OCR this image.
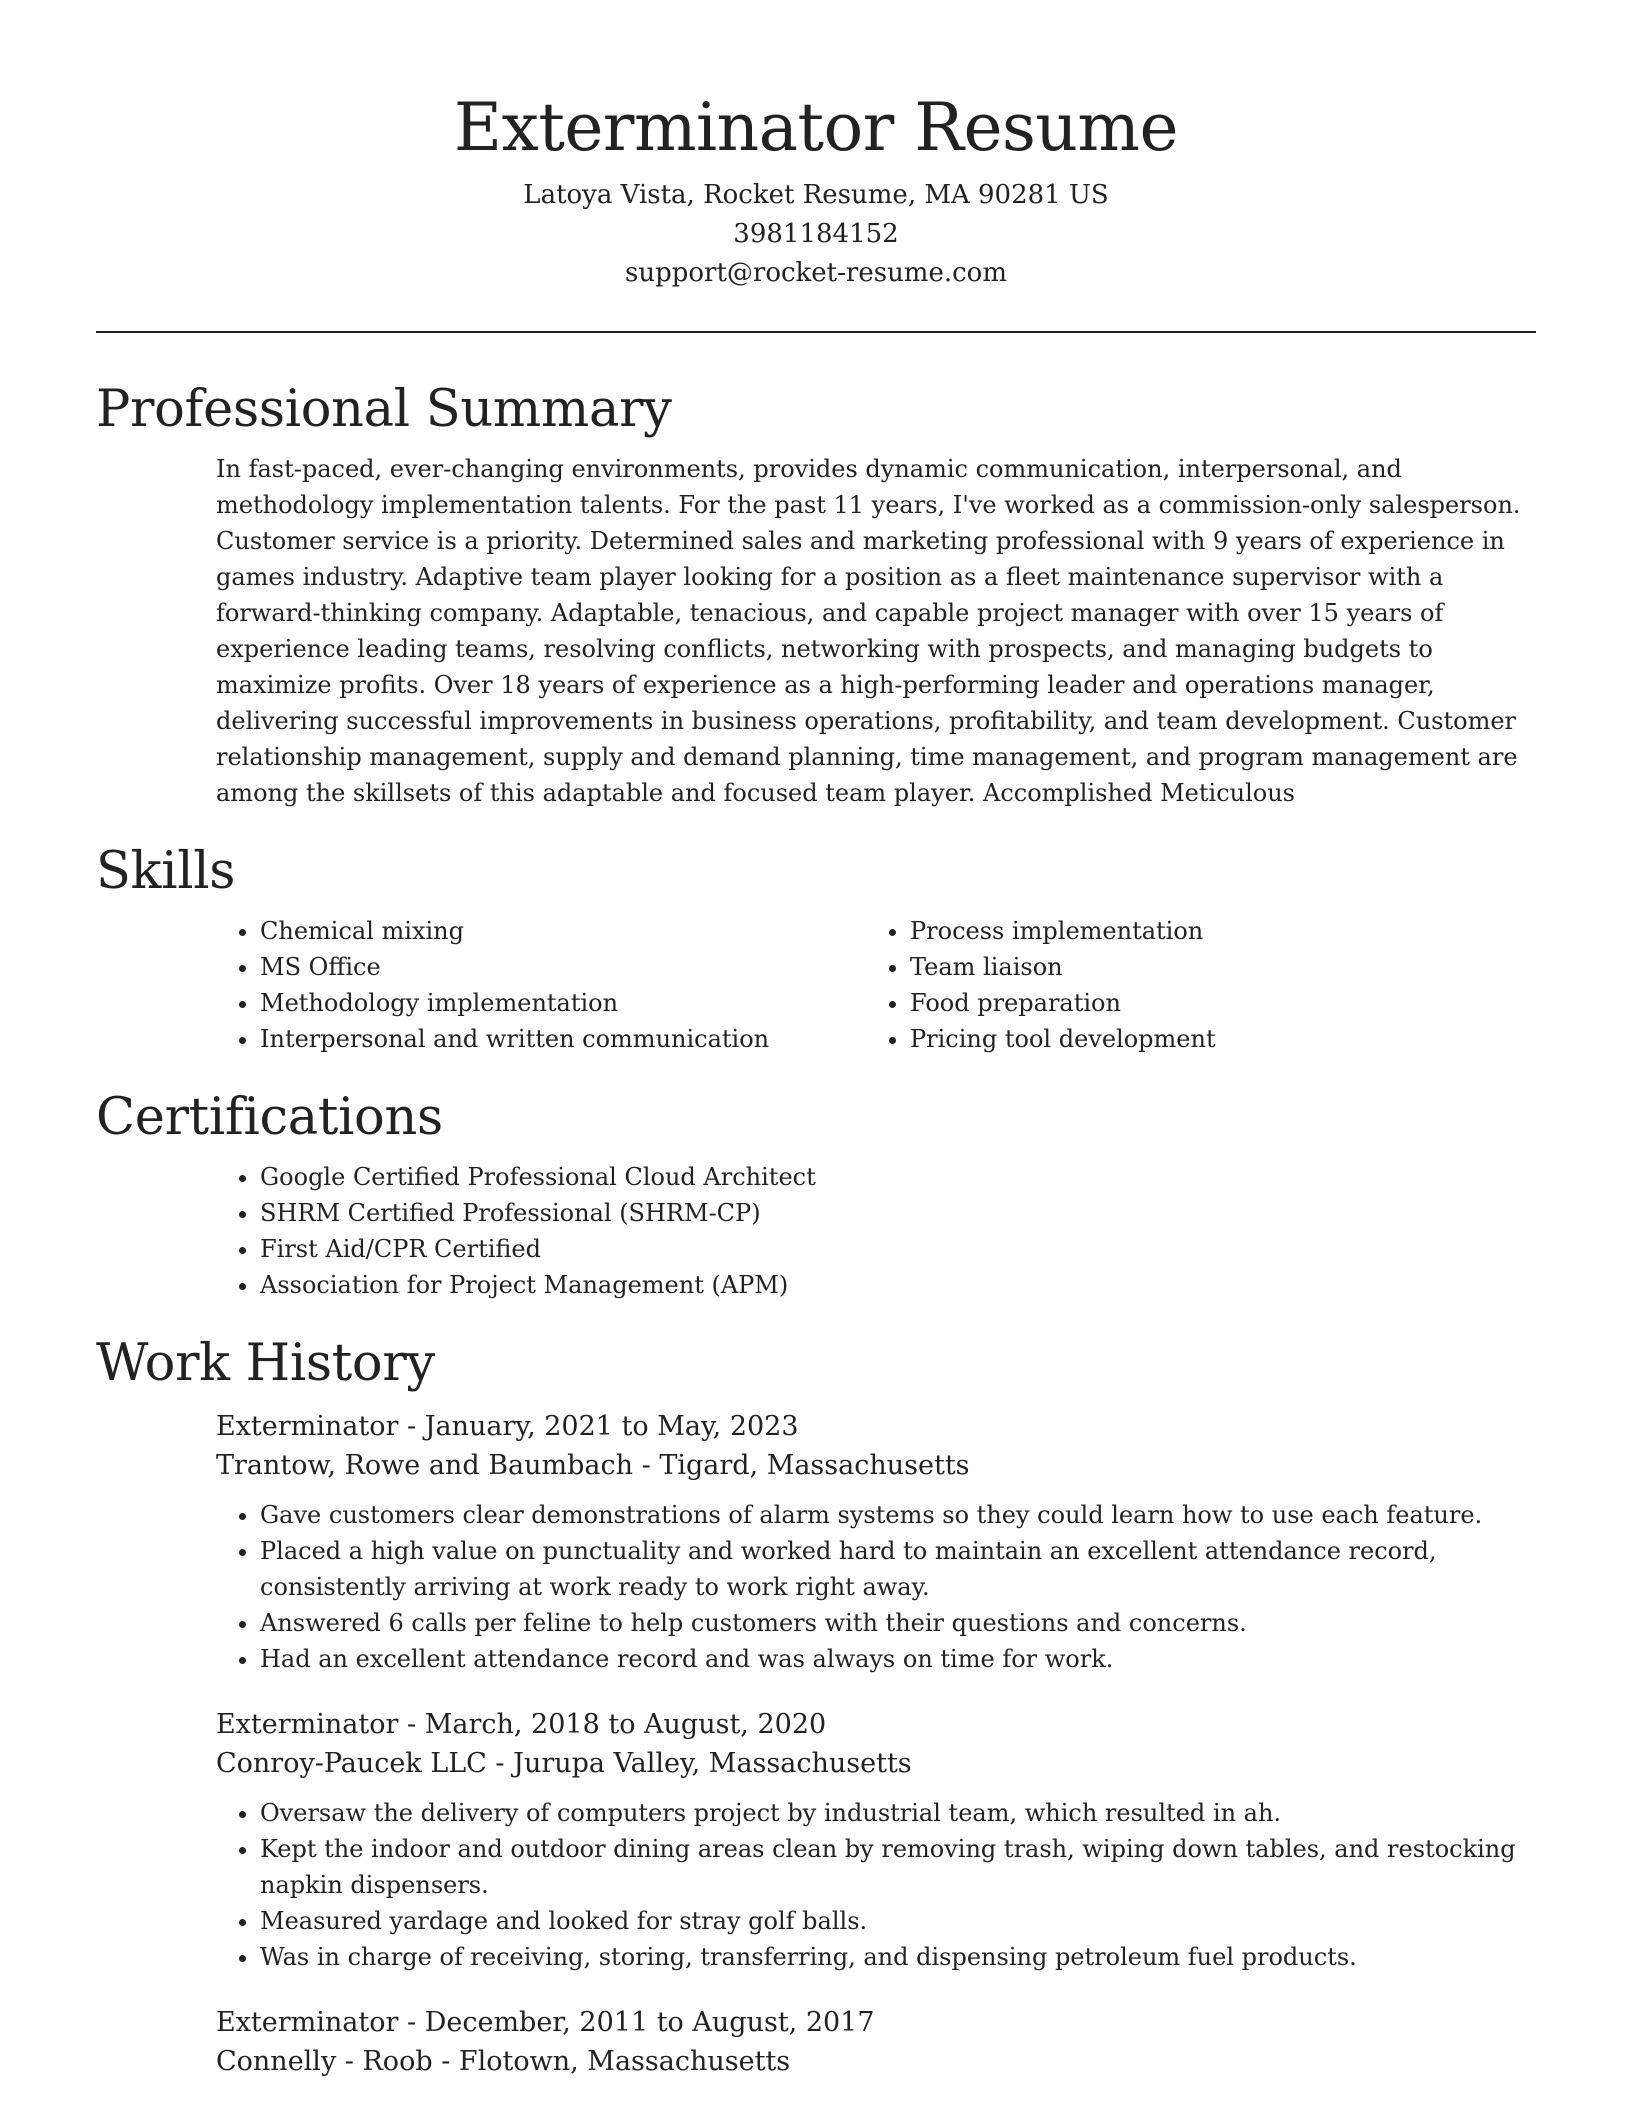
Exterminator Resume

Latoya Vista, Rocket Resume, MA 90281 US

3981184152

support@rocket-resume.com

Professional Summary

In fast-paced, ever-changing environments, provides dynamic communication, interpersonal, and methodology implementation talents. For the past 11 years, I've worked as a commission-only salesperson. Customer service is a priority. Determined sales and marketing professional with 9 years of experience in games industry. Adaptive team player looking for a position as a fleet maintenance supervisor with a forward-thinking company. Adaptable, tenacious, and capable project manager with over 15 years of experience leading teams, resolving conflicts, networking with prospects, and managing budgets to maximize profits. Over 18 years of experience as a high-performing leader and operations manager, delivering successful improvements in business operations, profitability, and team development. Customer relationship management, supply and demand planning, time management, and program management are among the skillsets of this adaptable and focused team player. Accomplished Meticulous

Skills
• Chemical mixing
• MS Office
• Methodology implementation
• Interpersonal and written communication
• Process implementation
• Team liaison
• Food preparation
• Pricing tool development
Certifications
• Google Certified Professional Cloud Architect
• SHRM Certified Professional (SHRM-CP)
• First Aid/CPR Certified
• Association for Project Management (APM)
Work History

Exterminator - January, 2021 to May, 2023

Trantow, Rowe and Baumbach - Tigard, Massachusetts

• Gave customers clear demonstrations of alarm systems so they could learn how to use each feature.
• Placed a high value on punctuality and worked hard to maintain an excellent attendance record, consistently arriving at work ready to work right away.
• Answered 6 calls per feline to help customers with their questions and concerns.
• Had an excellent attendance record and was always on time for work.

Exterminator - March, 2018 to August, 2020

Conroy-Paucek LLC - Jurupa Valley, Massachusetts

• Oversaw the delivery of computers project by industrial team, which resulted in ah.
• Kept the indoor and outdoor dining areas clean by removing trash, wiping down tables, and restocking napkin dispensers.
• Measured yardage and looked for stray golf balls.
• Was in charge of receiving, storing, transferring, and dispensing petroleum fuel products.

Exterminator - December, 2011 to August, 2017

Connelly - Roob - Flotown, Massachusetts
